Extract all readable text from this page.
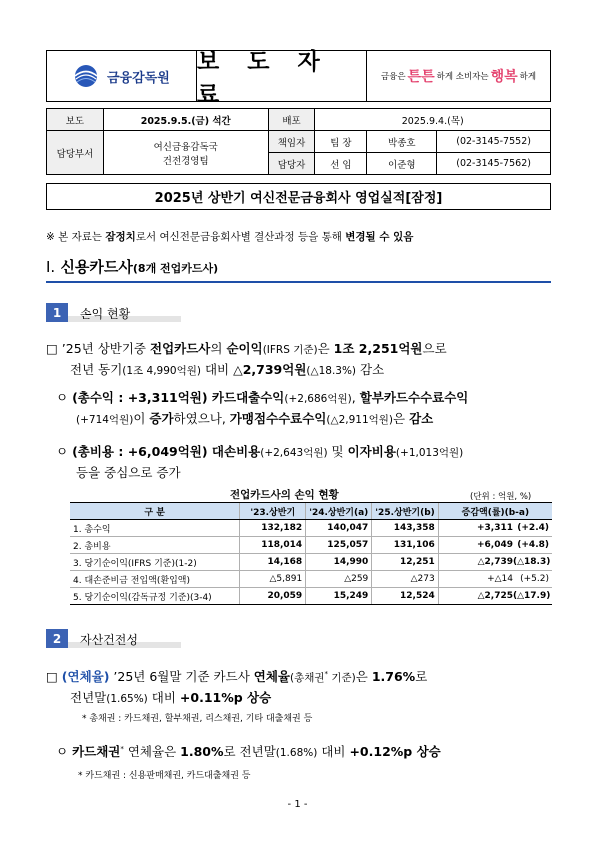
금융감독원
보 도 자 료
금융은 튼튼 하게 소비자는 행복 하게
보도	2025.9.5.(금) 석간	배포	2025.9.4.(목)		
담당부서	여신금융감독국
건전경영팀	책임자	팀 장	박종호	(02-3145-7552)
		담당자	선 임	이준형	(02-3145-7562)
2025년 상반기 여신전문금융회사 영업실적[잠정]
※ 본 자료는 잠정치로서 여신전문금융회사별 결산과정 등을 통해 변경될 수 있음
Ⅰ. 신용카드사(8개 전업카드사)
1	손익 현황
□ ’25년 상반기중 전업카드사의 순이익(IFRS 기준)은 1조 2,251억원으로
전년 동기(1조 4,990억원) 대비 △2,739억원(△18.3%) 감소
ㅇ (총수익 : +3,311억원) 카드대출수익(+2,686억원), 할부카드수수료수익
(+714억원)이 증가하였으나, 가맹점수수료수익(△2,911억원)은 감소
ㅇ (총비용 : +6,049억원) 대손비용(+2,643억원) 및 이자비용(+1,013억원)
등을 중심으로 증가
전업카드사의 손익 현황	(단위 : 억원, %)
구 분	'23.상반기	'24.상반기(a)	'25.상반기(b)	증감액(률)(b-a)
1. 총수익	132,182	140,047	143,358	+3,311 (+2.4)
2. 총비용	118,014	125,057	131,106	+6,049 (+4.8)
3. 당기순이익(IFRS 기준)(1-2)	14,168	14,990	12,251	△2,739(△18.3)
4. 대손준비금 전입액(환입액)	△5,891	△259	△273	+△14 (+5.2)
5. 당기순이익(감독규정 기준)(3-4)	20,059	15,249	12,524	△2,725(△17.9)
2	자산건전성
□ (연체율) ’25년 6월말 기준 카드사 연체율(총채권* 기준)은 1.76%로
전년말(1.65%) 대비 +0.11%p 상승
* 총채권 : 카드채권, 할부채권, 리스채권, 기타 대출채권 등
ㅇ 카드채권* 연체율은 1.80%로 전년말(1.68%) 대비 +0.12%p 상승
* 카드채권 : 신용판매채권, 카드대출채권 등
- 1 -
